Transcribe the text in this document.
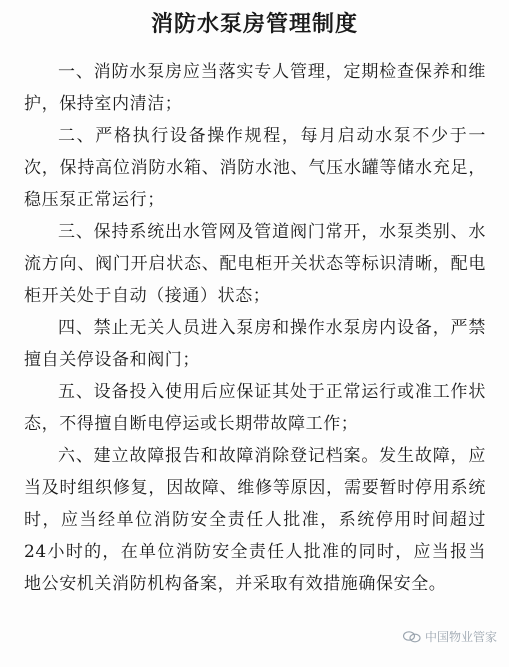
消防水泵房管理制度

一、消防水泵房应当落实专人管理，定期检查保养和维护，保持室内清洁；

二、严格执行设备操作规程，每月启动水泵不少于一次，保持高位消防水箱、消防水池、气压水罐等储水充足，稳压泵正常运行；

三、保持系统出水管网及管道阀门常开，水泵类别、水流方向、阀门开启状态、配电柜开关状态等标识清晰，配电柜开关处于自动（接通）状态；

四、禁止无关人员进入泵房和操作水泵房内设备，严禁擅自关停设备和阀门；

五、设备投入使用后应保证其处于正常运行或准工作状态，不得擅自断电停运或长期带故障工作；

六、建立故障报告和故障消除登记档案。发生故障，应当及时组织修复，因故障、维修等原因，需要暂时停用系统时，应当经单位消防安全责任人批准，系统停用时间超过24小时的，在单位消防安全责任人批准的同时，应当报当地公安机关消防机构备案，并采取有效措施确保安全。

中国物业管家
